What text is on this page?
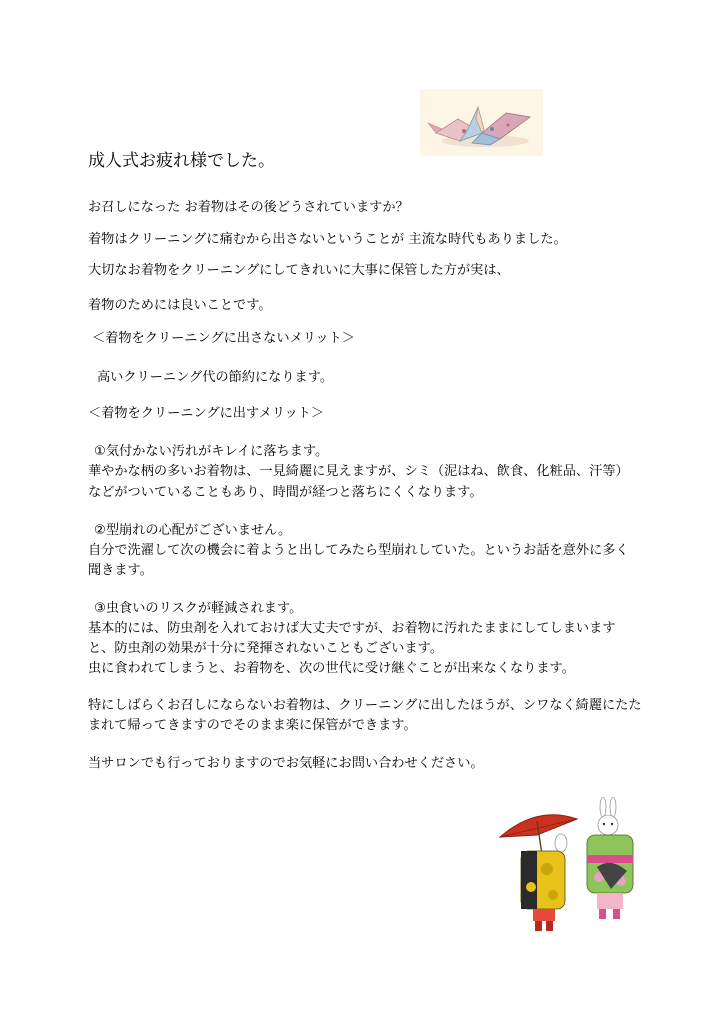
成人式お疲れ様でした。
お召しになった お着物はその後どうされていますか？
着物はクリーニングに痛むから出さないということが 主流な時代もありました。
大切なお着物をクリーニングにしてきれいに大事に保管した方が実は、
着物のためには良いことです。
＜着物をクリーニングに出さないメリット＞
高いクリーニング代の節約になります。
＜着物をクリーニングに出すメリット＞
①気付かない汚れがキレイに落ちます。
華やかな柄の多いお着物は、一見綺麗に見えますが、シミ（泥はね、飲食、化粧品、汗等）
などがついていることもあり、時間が経つと落ちにくくなります。
②型崩れの心配がございません。
自分で洗濯して次の機会に着ようと出してみたら型崩れしていた。というお話を意外に多く
聞きます。
③虫食いのリスクが軽減されます。
基本的には、防虫剤を入れておけば大丈夫ですが、お着物に汚れたままにしてしまいます
と、防虫剤の効果が十分に発揮されないこともございます。
虫に食われてしまうと、お着物を、次の世代に受け継ぐことが出来なくなります。
特にしばらくお召しにならないお着物は、クリーニングに出したほうが、シワなく綺麗にたた
まれて帰ってきますのでそのまま楽に保管ができます。
当サロンでも行っておりますのでお気軽にお問い合わせください。
